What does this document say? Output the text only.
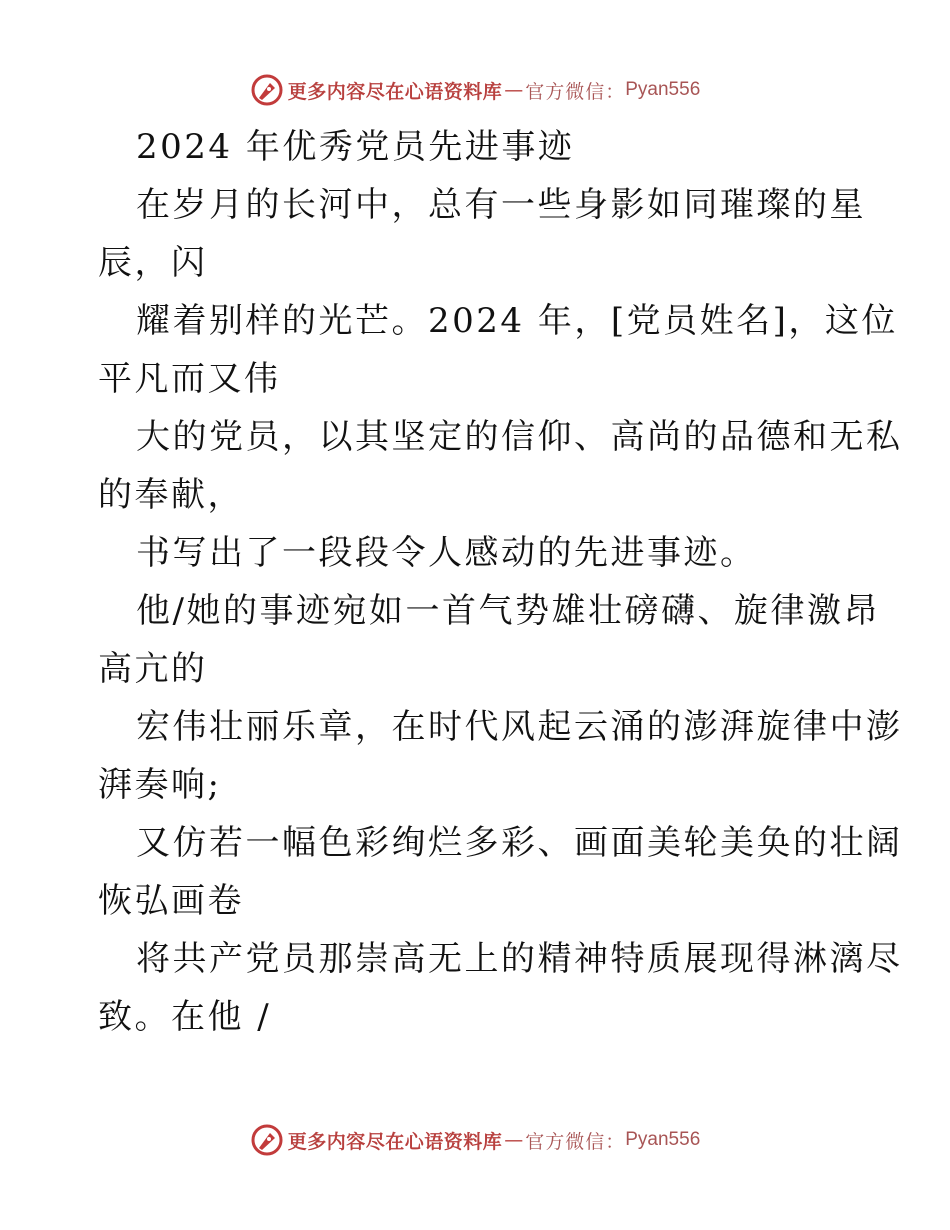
更多内容尽在心语资料库 — 官方微信： Pyan556
2024 年优秀党员先进事迹
在岁月的长河中，总有一些身影如同璀璨的星
辰，闪
耀着别样的光芒。2024 年，[党员姓名]，这位
平凡而又伟
大的党员，以其坚定的信仰、高尚的品德和无私
的奉献，
书写出了一段段令人感动的先进事迹。
他/她的事迹宛如一首气势雄壮磅礴、旋律激昂
高亢的
宏伟壮丽乐章，在时代风起云涌的澎湃旋律中澎
湃奏响;
又仿若一幅色彩绚烂多彩、画面美轮美奂的壮阔
恢弘画卷
将共产党员那崇高无上的精神特质展现得淋漓尽
致。在他 /
更多内容尽在心语资料库 — 官方微信： Pyan556
